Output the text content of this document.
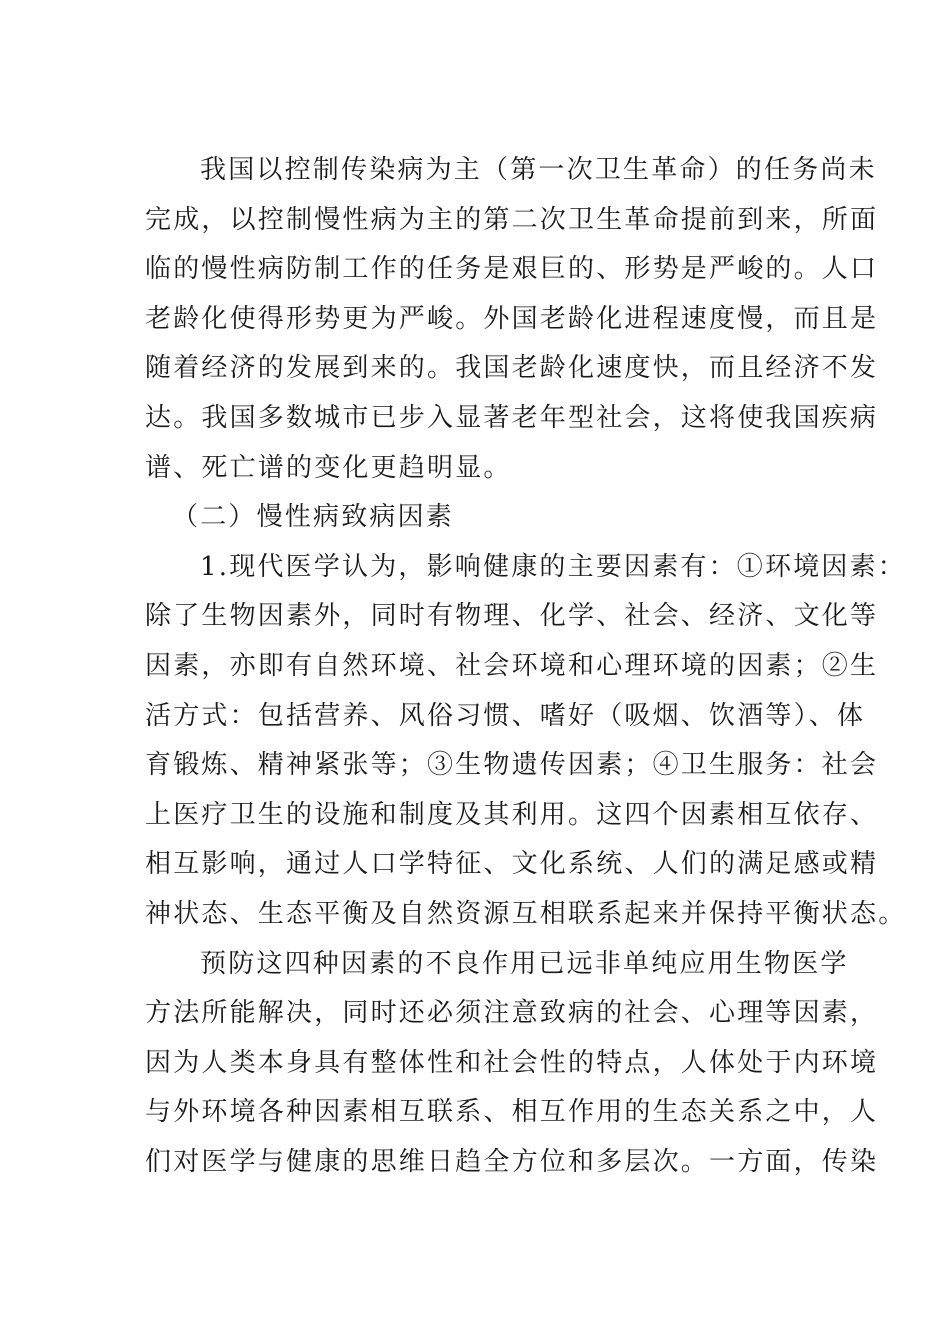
我国以控制传染病为主（第一次卫生革命）的任务尚未
完成，以控制慢性病为主的第二次卫生革命提前到来，所面
临的慢性病防制工作的任务是艰巨的、形势是严峻的。人口
老龄化使得形势更为严峻。外国老龄化进程速度慢，而且是
随着经济的发展到来的。我国老龄化速度快，而且经济不发
达。我国多数城市已步入显著老年型社会，这将使我国疾病
谱、死亡谱的变化更趋明显。
（二）慢性病致病因素
1.现代医学认为，影响健康的主要因素有：①环境因素：
除了生物因素外，同时有物理、化学、社会、经济、文化等
因素，亦即有自然环境、社会环境和心理环境的因素；②生
活方式：包括营养、风俗习惯、嗜好（吸烟、饮酒等）、体
育锻炼、精神紧张等；③生物遗传因素；④卫生服务：社会
上医疗卫生的设施和制度及其利用。这四个因素相互依存、
相互影响，通过人口学特征、文化系统、人们的满足感或精
神状态、生态平衡及自然资源互相联系起来并保持平衡状态。
预防这四种因素的不良作用已远非单纯应用生物医学
方法所能解决，同时还必须注意致病的社会、心理等因素，
因为人类本身具有整体性和社会性的特点，人体处于内环境
与外环境各种因素相互联系、相互作用的生态关系之中，人
们对医学与健康的思维日趋全方位和多层次。一方面，传染
